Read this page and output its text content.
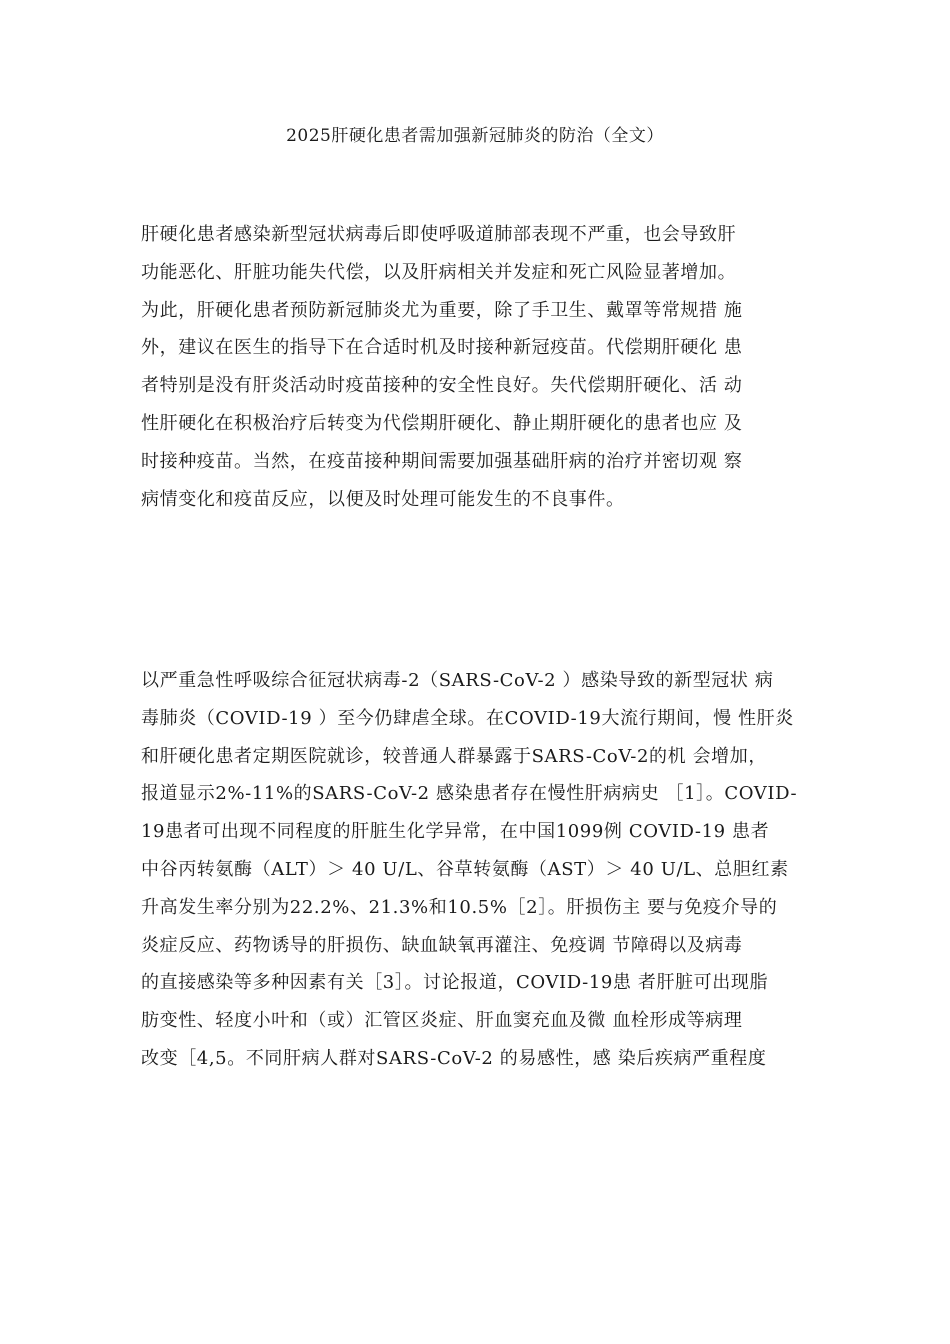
2025肝硬化患者需加强新冠肺炎的防治（全文）
肝硬化患者感染新型冠状病毒后即使呼吸道肺部表现不严重，也会导致肝
功能恶化、肝脏功能失代偿，以及肝病相关并发症和死亡风险显著增加。
为此，肝硬化患者预防新冠肺炎尤为重要，除了手卫生、戴罩等常规措 施
外，建议在医生的指导下在合适时机及时接种新冠疫苗。代偿期肝硬化 患
者特别是没有肝炎活动时疫苗接种的安全性良好。失代偿期肝硬化、活 动
性肝硬化在积极治疗后转变为代偿期肝硬化、静止期肝硬化的患者也应 及
时接种疫苗。当然，在疫苗接种期间需要加强基础肝病的治疗并密切观 察
病情变化和疫苗反应，以便及时处理可能发生的不良事件。
以严重急性呼吸综合征冠状病毒-2（SARS-CoV-2 ）感染导致的新型冠状 病
毒肺炎（COVID-19 ）至今仍肆虐全球。在COVID-19大流行期间，慢 性肝炎
和肝硬化患者定期医院就诊，较普通人群暴露于SARS-CoV-2的机 会增加，
报道显示2%-11%的SARS-CoV-2 感染患者存在慢性肝病病史 ［1］。COVID-
19患者可出现不同程度的肝脏生化学异常，在中国1099例 COVID-19 患者
中谷丙转氨酶（ALT）＞ 40 U/L、谷草转氨酶（AST）＞ 40 U/L、总胆红素
升高发生率分别为22.2%、21.3%和10.5%［2］。肝损伤主 要与免疫介导的
炎症反应、药物诱导的肝损伤、缺血缺氧再灌注、免疫调 节障碍以及病毒
的直接感染等多种因素有关［3］。讨论报道，COVID-19患 者肝脏可出现脂
肪变性、轻度小叶和（或）汇管区炎症、肝血窦充血及微 血栓形成等病理
改变［4,5。不同肝病人群对SARS-CoV-2 的易感性，感 染后疾病严重程度
